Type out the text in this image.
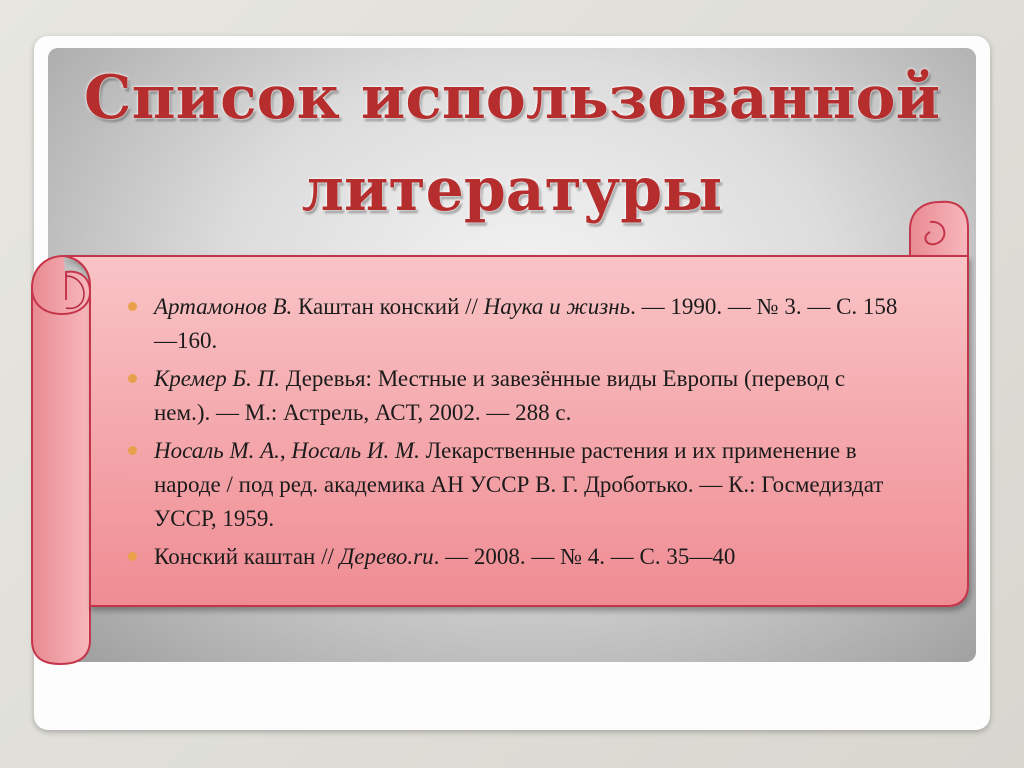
Список использованной
литературы
Артамонов В. Каштан конский // Наука и жизнь. — 1990. — № 3. — С. 158—160.
Кремер Б. П. Деревья: Местные и завезённые виды Европы (перевод с нем.). — М.: Астрель, АСТ, 2002. — 288 с.
Носаль М. А., Носаль И. М. Лекарственные растения и их применение в народе / под ред. академика АН УССР В. Г. Дроботько. — К.: Госмедиздат УССР, 1959.
Конский каштан // Дерево.ru. — 2008. — № 4. — С. 35—40
